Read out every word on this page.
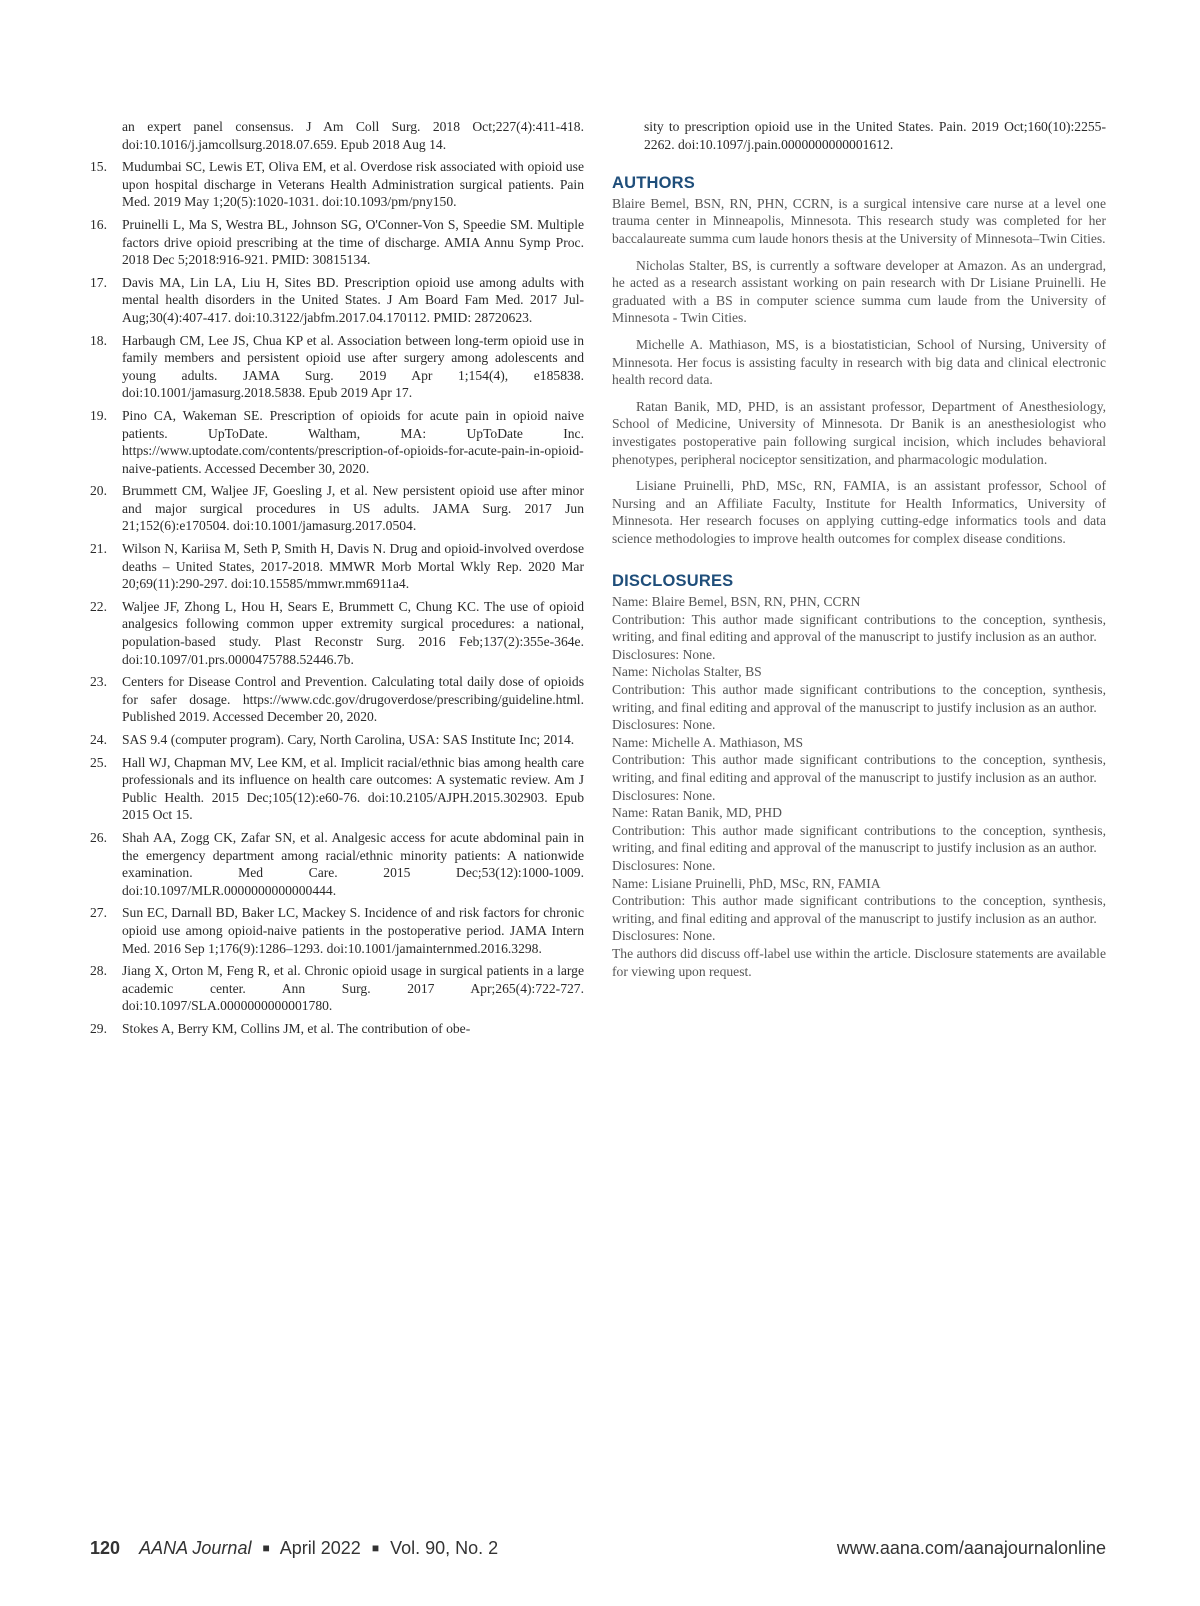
an expert panel consensus. J Am Coll Surg. 2018 Oct;227(4):411-418. doi:10.1016/j.jamcollsurg.2018.07.659. Epub 2018 Aug 14.
15.	Mudumbai SC, Lewis ET, Oliva EM, et al. Overdose risk associated with opioid use upon hospital discharge in Veterans Health Administration surgical patients. Pain Med. 2019 May 1;20(5):1020-1031. doi:10.1093/pm/pny150.
16.	Pruinelli L, Ma S, Westra BL, Johnson SG, O'Conner-Von S, Speedie SM. Multiple factors drive opioid prescribing at the time of discharge. AMIA Annu Symp Proc. 2018 Dec 5;2018:916-921. PMID: 30815134.
17.	Davis MA, Lin LA, Liu H, Sites BD. Prescription opioid use among adults with mental health disorders in the United States. J Am Board Fam Med. 2017 Jul-Aug;30(4):407-417. doi:10.3122/jabfm.2017.04.170112. PMID: 28720623.
18.	Harbaugh CM, Lee JS, Chua KP et al. Association between long-term opioid use in family members and persistent opioid use after surgery among adolescents and young adults. JAMA Surg. 2019 Apr 1;154(4), e185838. doi:10.1001/jamasurg.2018.5838. Epub 2019 Apr 17.
19.	Pino CA, Wakeman SE. Prescription of opioids for acute pain in opioid naive patients. UpToDate. Waltham, MA: UpToDate Inc. https://www.uptodate.com/contents/prescription-of-opioids-for-acute-pain-in-opioid-naive-patients. Accessed December 30, 2020.
20.	Brummett CM, Waljee JF, Goesling J, et al. New persistent opioid use after minor and major surgical procedures in US adults. JAMA Surg. 2017 Jun 21;152(6):e170504. doi:10.1001/jamasurg.2017.0504.
21.	Wilson N, Kariisa M, Seth P, Smith H, Davis N. Drug and opioid-involved overdose deaths – United States, 2017-2018. MMWR Morb Mortal Wkly Rep. 2020 Mar 20;69(11):290-297. doi:10.15585/mmwr.mm6911a4.
22.	Waljee JF, Zhong L, Hou H, Sears E, Brummett C, Chung KC. The use of opioid analgesics following common upper extremity surgical procedures: a national, population-based study. Plast Reconstr Surg. 2016 Feb;137(2):355e-364e. doi:10.1097/01.prs.0000475788.52446.7b.
23.	Centers for Disease Control and Prevention. Calculating total daily dose of opioids for safer dosage. https://www.cdc.gov/drugoverdose/prescribing/guideline.html. Published 2019. Accessed December 20, 2020.
24.	SAS 9.4 (computer program). Cary, North Carolina, USA: SAS Institute Inc; 2014.
25.	Hall WJ, Chapman MV, Lee KM, et al. Implicit racial/ethnic bias among health care professionals and its influence on health care outcomes: A systematic review. Am J Public Health. 2015 Dec;105(12):e60-76. doi:10.2105/AJPH.2015.302903. Epub 2015 Oct 15.
26.	Shah AA, Zogg CK, Zafar SN, et al. Analgesic access for acute abdominal pain in the emergency department among racial/ethnic minority patients: A nationwide examination. Med Care. 2015 Dec;53(12):1000-1009. doi:10.1097/MLR.0000000000000444.
27.	Sun EC, Darnall BD, Baker LC, Mackey S. Incidence of and risk factors for chronic opioid use among opioid-naive patients in the postoperative period. JAMA Intern Med. 2016 Sep 1;176(9):1286–1293. doi:10.1001/jamainternmed.2016.3298.
28.	Jiang X, Orton M, Feng R, et al. Chronic opioid usage in surgical patients in a large academic center. Ann Surg. 2017 Apr;265(4):722-727. doi:10.1097/SLA.0000000000001780.
29.	Stokes A, Berry KM, Collins JM, et al. The contribution of obe-
sity to prescription opioid use in the United States. Pain. 2019 Oct;160(10):2255-2262. doi:10.1097/j.pain.0000000000001612.
AUTHORS

Blaire Bemel, BSN, RN, PHN, CCRN, is a surgical intensive care nurse at a level one trauma center in Minneapolis, Minnesota. This research study was completed for her baccalaureate summa cum laude honors thesis at the University of Minnesota–Twin Cities.

Nicholas Stalter, BS, is currently a software developer at Amazon. As an undergrad, he acted as a research assistant working on pain research with Dr Lisiane Pruinelli. He graduated with a BS in computer science summa cum laude from the University of Minnesota - Twin Cities.

Michelle A. Mathiason, MS, is a biostatistician, School of Nursing, University of Minnesota. Her focus is assisting faculty in research with big data and clinical electronic health record data.

Ratan Banik, MD, PHD, is an assistant professor, Department of Anesthesiology, School of Medicine, University of Minnesota. Dr Banik is an anesthesiologist who investigates postoperative pain following surgical incision, which includes behavioral phenotypes, peripheral nociceptor sensitization, and pharmacologic modulation.

Lisiane Pruinelli, PhD, MSc, RN, FAMIA, is an assistant professor, School of Nursing and an Affiliate Faculty, Institute for Health Informatics, University of Minnesota. Her research focuses on applying cutting-edge informatics tools and data science methodologies to improve health outcomes for complex disease conditions.

DISCLOSURES

Name: Blaire Bemel, BSN, RN, PHN, CCRN

Contribution: This author made significant contributions to the conception, synthesis, writing, and final editing and approval of the manuscript to justify inclusion as an author.

Disclosures: None.

Name: Nicholas Stalter, BS

Contribution: This author made significant contributions to the conception, synthesis, writing, and final editing and approval of the manuscript to justify inclusion as an author.

Disclosures: None.

Name: Michelle A. Mathiason, MS

Contribution: This author made significant contributions to the conception, synthesis, writing, and final editing and approval of the manuscript to justify inclusion as an author.

Disclosures: None.

Name: Ratan Banik, MD, PHD

Contribution: This author made significant contributions to the conception, synthesis, writing, and final editing and approval of the manuscript to justify inclusion as an author.

Disclosures: None.

Name: Lisiane Pruinelli, PhD, MSc, RN, FAMIA

Contribution: This author made significant contributions to the conception, synthesis, writing, and final editing and approval of the manuscript to justify inclusion as an author.

Disclosures: None.

The authors did discuss off-label use within the article. Disclosure statements are available for viewing upon request.

120 AANA Journal ■ April 2022 ■ Vol. 90, No. 2	www.aana.com/aanajournalonline
